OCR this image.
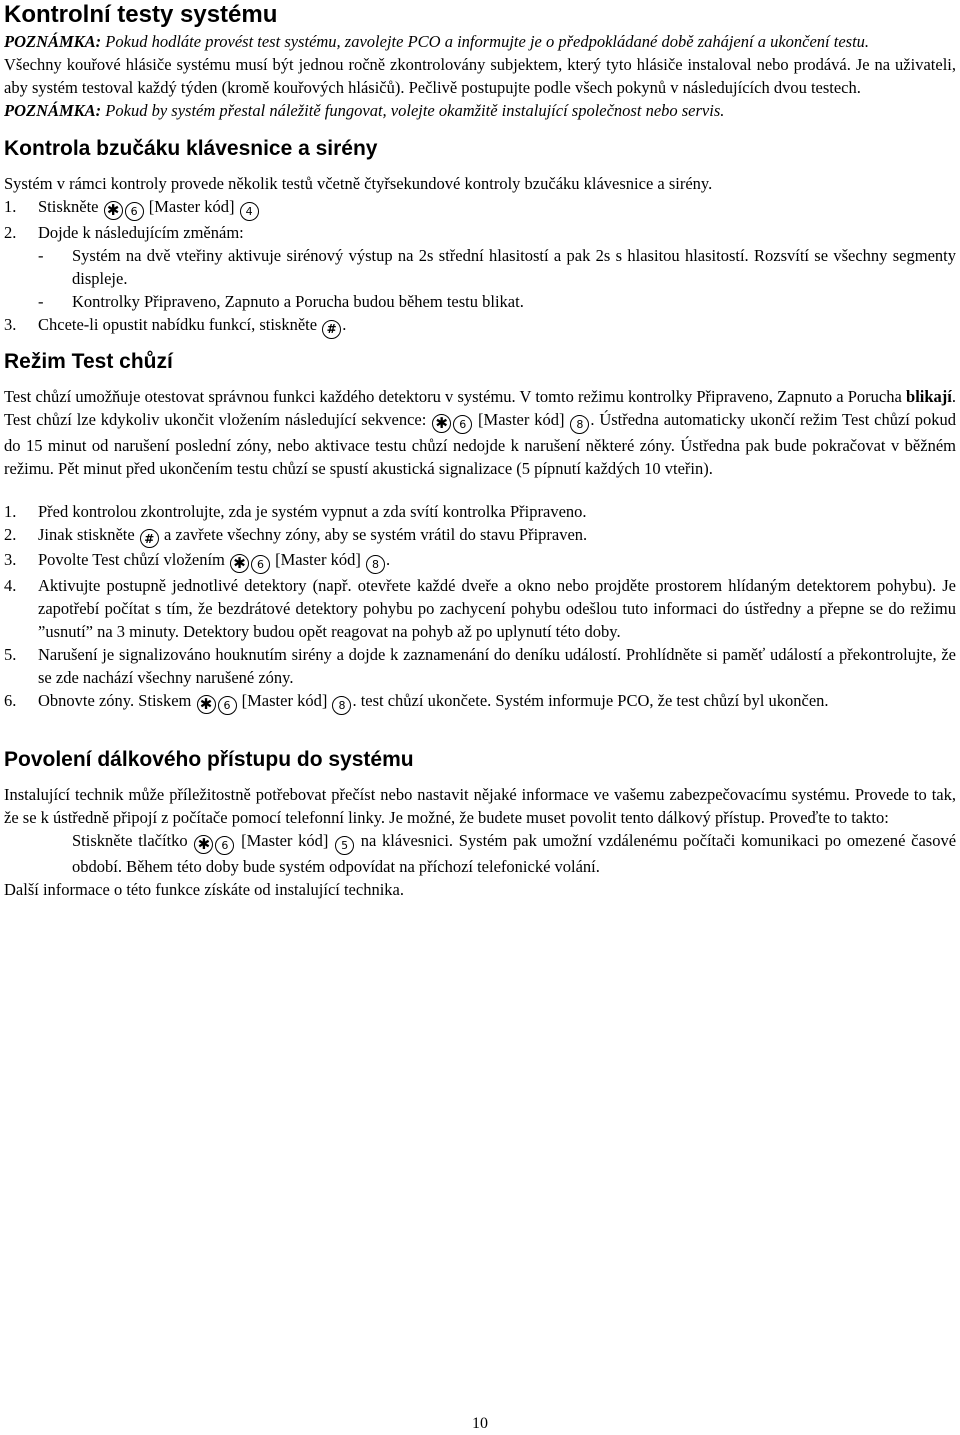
Kontrolní testy systému

POZNÁMKA: Pokud hodláte provést test systému, zavolejte PCO a informujte je o předpokládané době zahájení a ukončení testu.

Všechny kouřové hlásiče systému musí být jednou ročně zkontrolovány subjektem, který tyto hlásiče instaloval nebo prodává. Je na uživateli, aby systém testoval každý týden (kromě kouřových hlásičů). Pečlivě postupujte podle všech pokynů v následujících dvou testech.

POZNÁMKA: Pokud by systém přestal náležitě fungovat, volejte okamžitě instalující společnost nebo servis.

Kontrola bzučáku klávesnice a sirény

Systém v rámci kontroly provede několik testů včetně čtyřsekundové kontroly bzučáku klávesnice a sirény.

1. Stiskněte ✱ 6 [Master kód] 4
2. Dojde k následujícím změnám:
- Systém na dvě vteřiny aktivuje sirénový výstup na 2s střední hlasitostí a pak 2s s hlasitou hlasitostí. Rozsvítí se všechny segmenty displeje.
- Kontrolky Připraveno, Zapnuto a Porucha budou během testu blikat.
3. Chcete-li opustit nabídku funkcí, stiskněte # .
Režim Test chůzí

Test chůzí umožňuje otestovat správnou funkci každého detektoru v systému. V tomto režimu kontrolky Připraveno, Zapnuto a Porucha blikají. Test chůzí lze kdykoliv ukončit vložením následující sekvence: ✱ 6 [Master kód] 8 . Ústředna automaticky ukončí režim Test chůzí pokud do 15 minut od narušení poslední zóny, nebo aktivace testu chůzí nedojde k narušení některé zóny. Ústředna pak bude pokračovat v běžném režimu. Pět minut před ukončením testu chůzí se spustí akustická signalizace (5 pípnutí každých 10 vteřin).

1. Před kontrolou zkontrolujte, zda je systém vypnut a zda svítí kontrolka Připraveno.
2. Jinak stiskněte # a zavřete všechny zóny, aby se systém vrátil do stavu Připraven.
3. Povolte Test chůzí vložením ✱ 6 [Master kód] 8 .
4. Aktivujte postupně jednotlivé detektory (např. otevřete každé dveře a okno nebo projděte prostorem hlídaným detektorem pohybu). Je zapotřebí počítat s tím, že bezdrátové detektory pohybu po zachycení pohybu odešlou tuto informaci do ústředny a přepne se do režimu ”usnutí” na 3 minuty. Detektory budou opět reagovat na pohyb až po uplynutí této doby.
5. Narušení je signalizováno houknutím sirény a dojde k zaznamenání do deníku událostí. Prohlídněte si paměť událostí a překontrolujte, že se zde nachází všechny narušené zóny.
6. Obnovte zóny. Stiskem ✱ 6 [Master kód] 8 . test chůzí ukončete. Systém informuje PCO, že test chůzí byl ukončen.
Povolení dálkového přístupu do systému

Instalující technik může příležitostně potřebovat přečíst nebo nastavit nějaké informace ve vašemu zabezpečovacímu systému. Provede to tak, že se k ústředně připojí z počítače pomocí telefonní linky. Je možné, že budete muset povolit tento dálkový přístup. Proveďte to takto:

Stiskněte tlačítko ✱ 6 [Master kód] 5 na klávesnici. Systém pak umožní vzdálenému počítači komunikaci po omezené časové období. Během této doby bude systém odpovídat na příchozí telefonické volání.

Další informace o této funkce získáte od instalující technika.

10
